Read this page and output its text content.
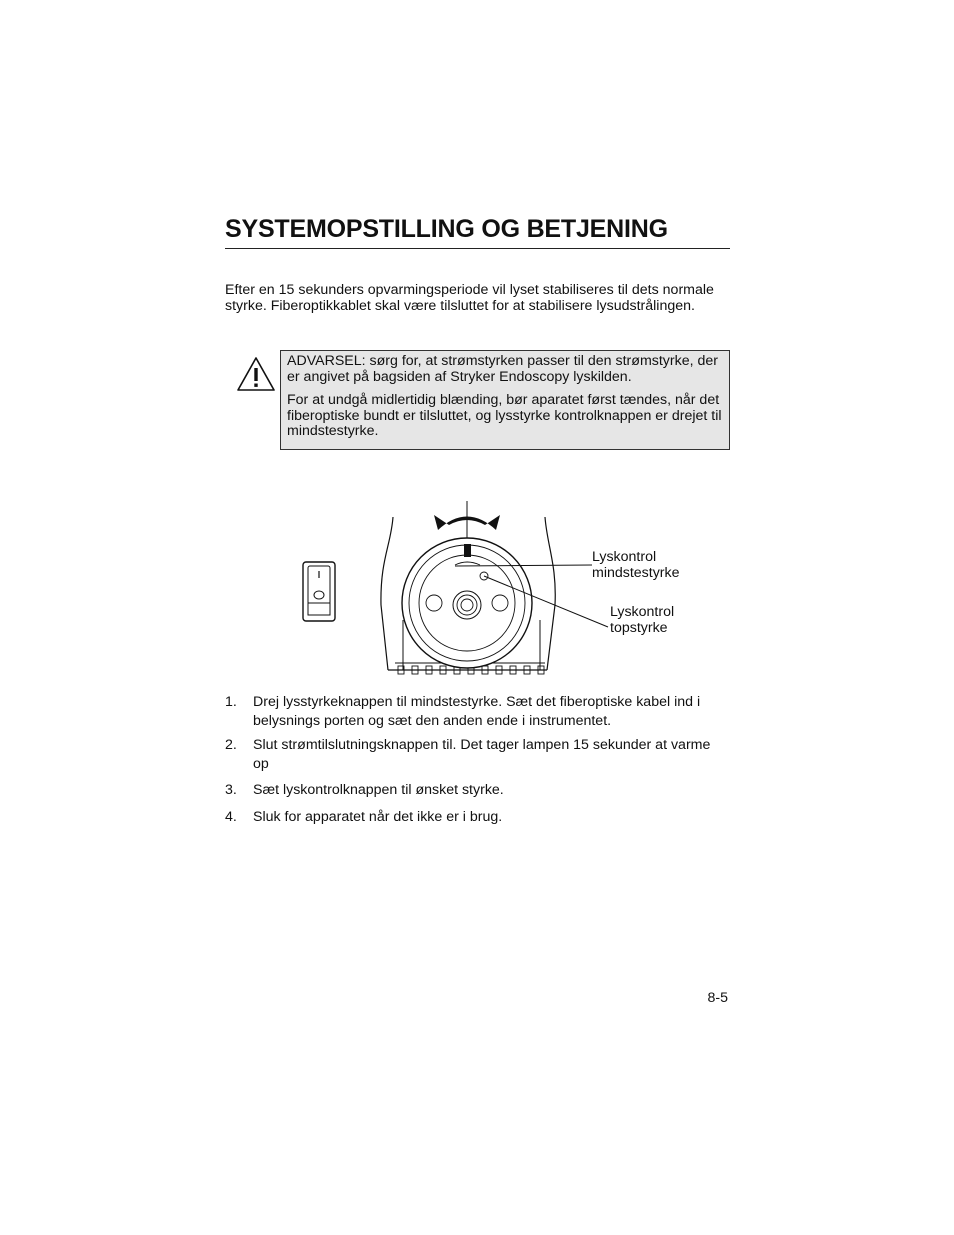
SYSTEMOPSTILLING OG BETJENING

Efter en 15 sekunders opvarmingsperiode vil lyset stabiliseres til dets normale styrke. Fiberoptikkablet skal være tilsluttet for at stabilisere lysudstrålingen.

ADVARSEL: sørg for, at strømstyrken passer til den strømstyrke, der er angivet på bagsiden af Stryker Endoscopy lyskilden.

For at undgå midlertidig blænding, bør aparatet først tændes, når det fiberoptiske bundt er tilsluttet, og lysstyrke kontrolknappen er drejet til mindstestyrke.

Lyskontrol
mindstestyrke

Lyskontrol
topstyrke

1. Drej lysstyrkeknappen til mindstestyrke. Sæt det fiberoptiske kabel ind i belysnings porten og sæt den anden ende i instrumentet.
2. Slut strømtilslutningsknappen til. Det tager lampen 15 sekunder at varme op
3. Sæt lyskontrolknappen til ønsket styrke.
4. Sluk for apparatet når det ikke er i brug.
8-5
